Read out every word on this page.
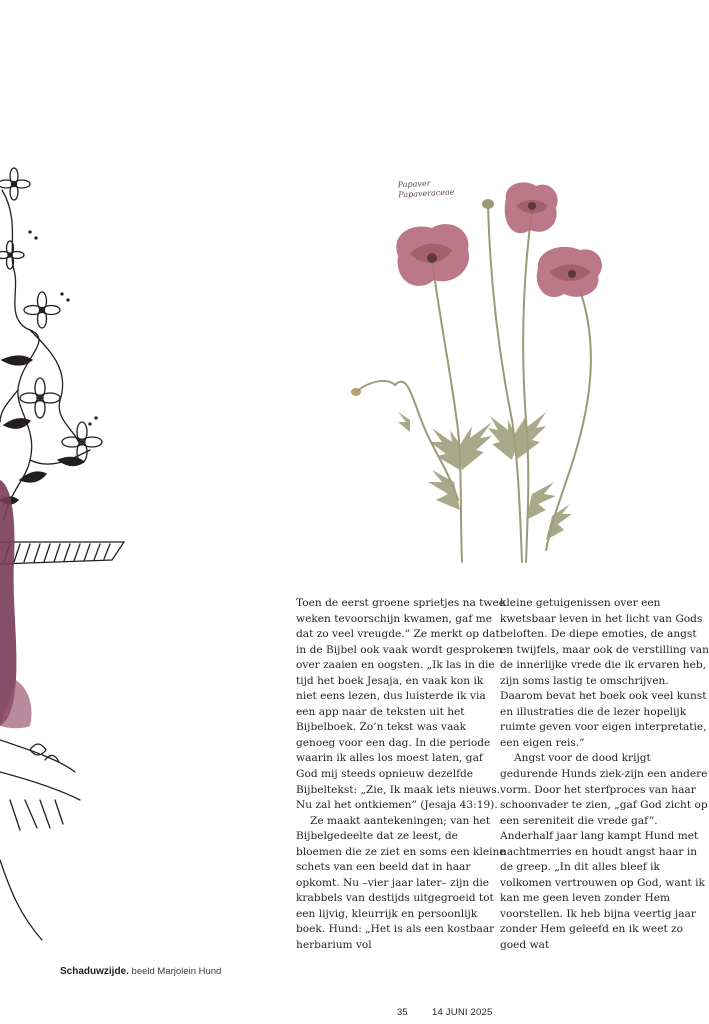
Papaver
Papaveraceae

Toen de eerst groene sprietjes na twee weken tevoorschijn kwamen, gaf me dat zo veel vreugde.” Ze merkt op dat in de Bijbel ook vaak wordt gesproken over zaaien en oogsten. „Ik las in die tijd het boek Jesaja, en vaak kon ik niet eens lezen, dus luisterde ik via een app naar de teksten uit het Bijbelboek. Zo’n tekst was vaak genoeg voor een dag. In die periode waarin ik alles los moest laten, gaf God mij steeds opnieuw dezelfde Bijbeltekst: „Zie, Ik maak iets nieuws. Nu zal het ontkiemen” (Jesaja 43:19).

Ze maakt aantekeningen; van het Bijbelgedeelte dat ze leest, de bloemen die ze ziet en soms een kleine schets van een beeld dat in haar opkomt. Nu –vier jaar later– zijn die krabbels van destijds uitgegroeid tot een lijvig, kleurrijk en persoonlijk boek. Hund: „Het is als een kostbaar herbarium vol

kleine getuigenissen over een kwetsbaar leven in het licht van Gods beloften. De diepe emoties, de angst en twijfels, maar ook de verstilling van de innerlijke vrede die ik ervaren heb, zijn soms lastig te omschrijven. Daarom bevat het boek ook veel kunst en illustraties die de lezer hopelijk ruimte geven voor eigen interpretatie, een eigen reis.”

Angst voor de dood krijgt gedurende Hunds ziek-zijn een andere vorm. Door het sterfproces van haar schoonvader te zien, „gaf God zicht op een sereniteit die vrede gaf”. Anderhalf jaar lang kampt Hund met nachtmerries en houdt angst haar in de greep. „In dit alles bleef ik volkomen vertrouwen op God, want ik kan me geen leven zonder Hem voorstellen. Ik heb bijna veertig jaar zonder Hem geleefd en ik weet zo goed wat

Schaduwzijde. beeld Marjolein Hund
35	14 JUNI 2025
